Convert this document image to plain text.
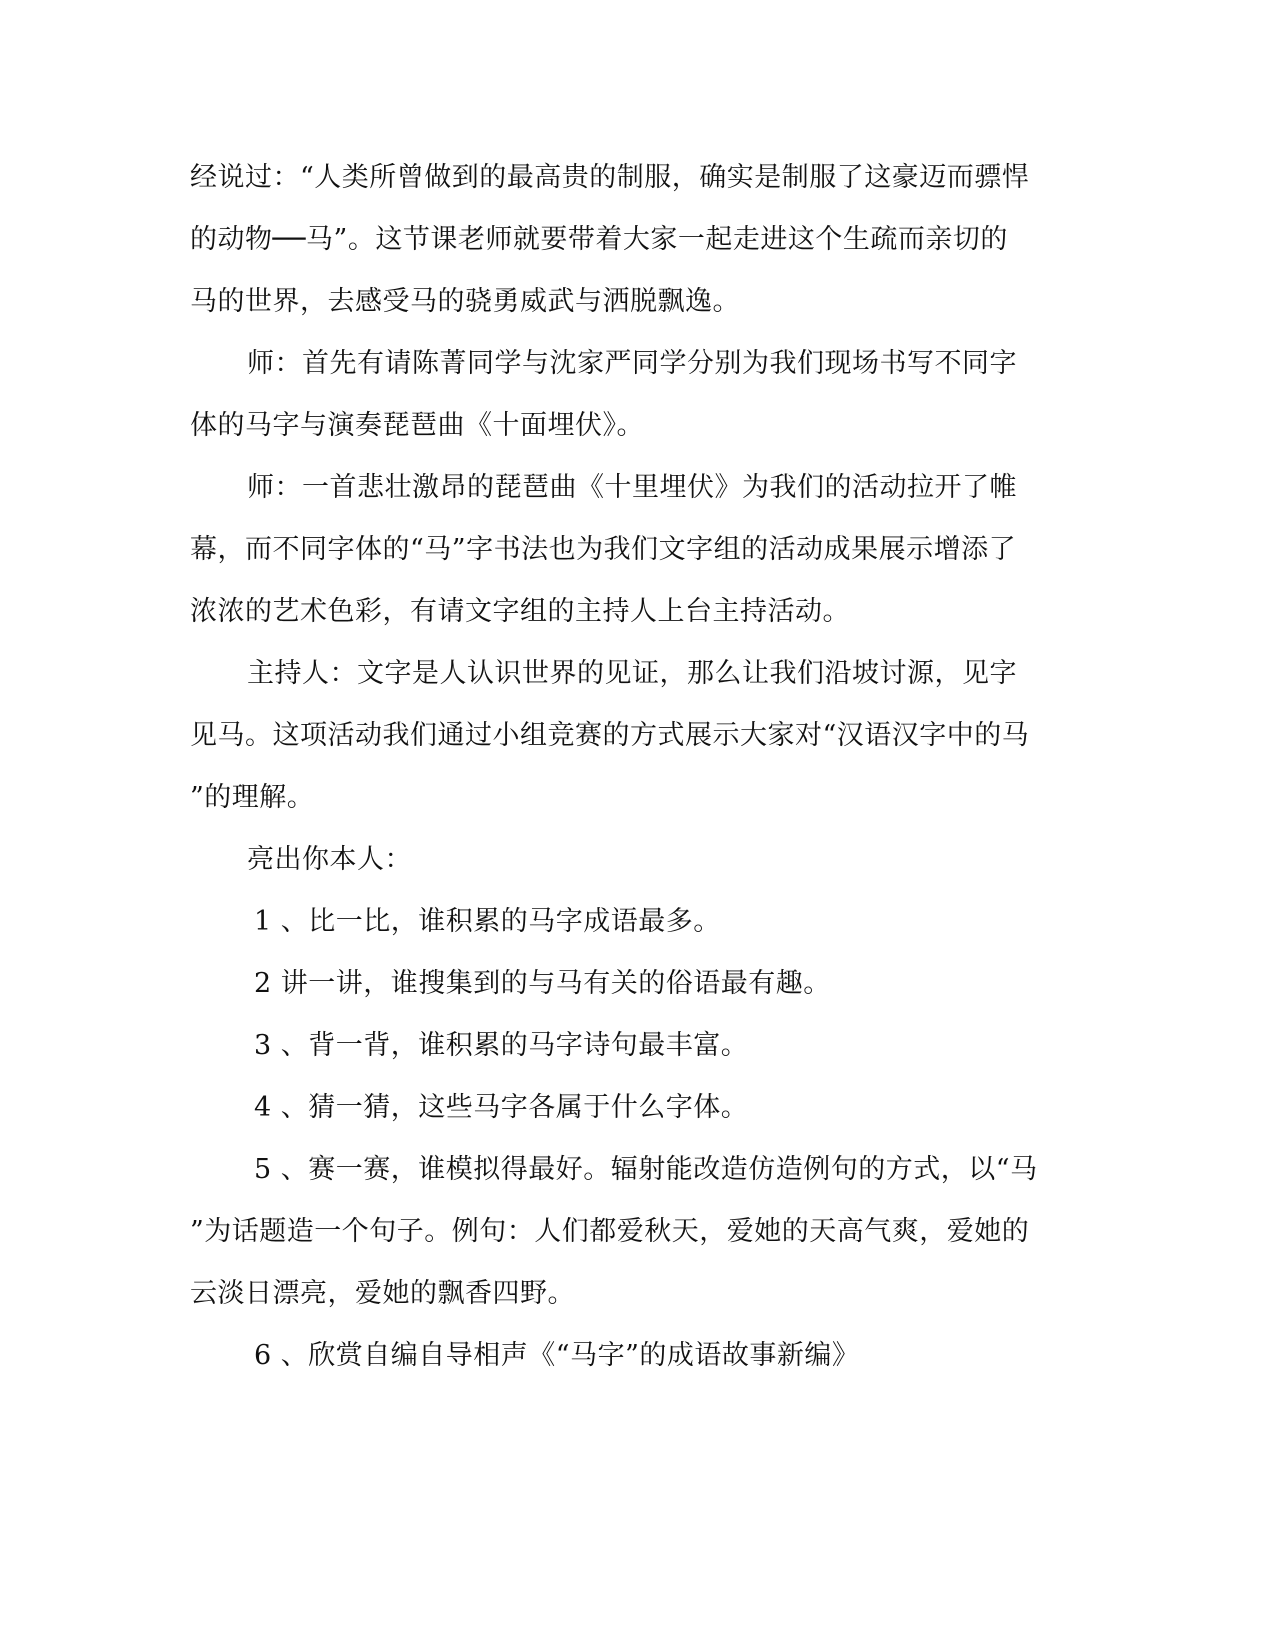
经说过：“人类所曾做到的最高贵的制服，确实是制服了这豪迈而骠悍
的动物──马”。这节课老师就要带着大家一起走进这个生疏而亲切的
马的世界，去感受马的骁勇威武与洒脱飘逸。
师：首先有请陈菁同学与沈家严同学分别为我们现场书写不同字
体的马字与演奏琵琶曲《十面埋伏》。
师：一首悲壮激昂的琵琶曲《十里埋伏》为我们的活动拉开了帷
幕，而不同字体的“马”字书法也为我们文字组的活动成果展示增添了
浓浓的艺术色彩，有请文字组的主持人上台主持活动。
主持人：文字是人认识世界的见证，那么让我们沿坡讨源，见字
见马。这项活动我们通过小组竞赛的方式展示大家对“汉语汉字中的马
”的理解。
亮出你本人：
1 、比一比，谁积累的马字成语最多。
2 讲一讲，谁搜集到的与马有关的俗语最有趣。
3 、背一背，谁积累的马字诗句最丰富。
4 、猜一猜，这些马字各属于什么字体。
5 、赛一赛，谁模拟得最好。辐射能改造仿造例句的方式，以“马
”为话题造一个句子。例句：人们都爱秋天，爱她的天高气爽，爱她的
云淡日漂亮，爱她的飘香四野。
6 、欣赏自编自导相声《“马字”的成语故事新编》
